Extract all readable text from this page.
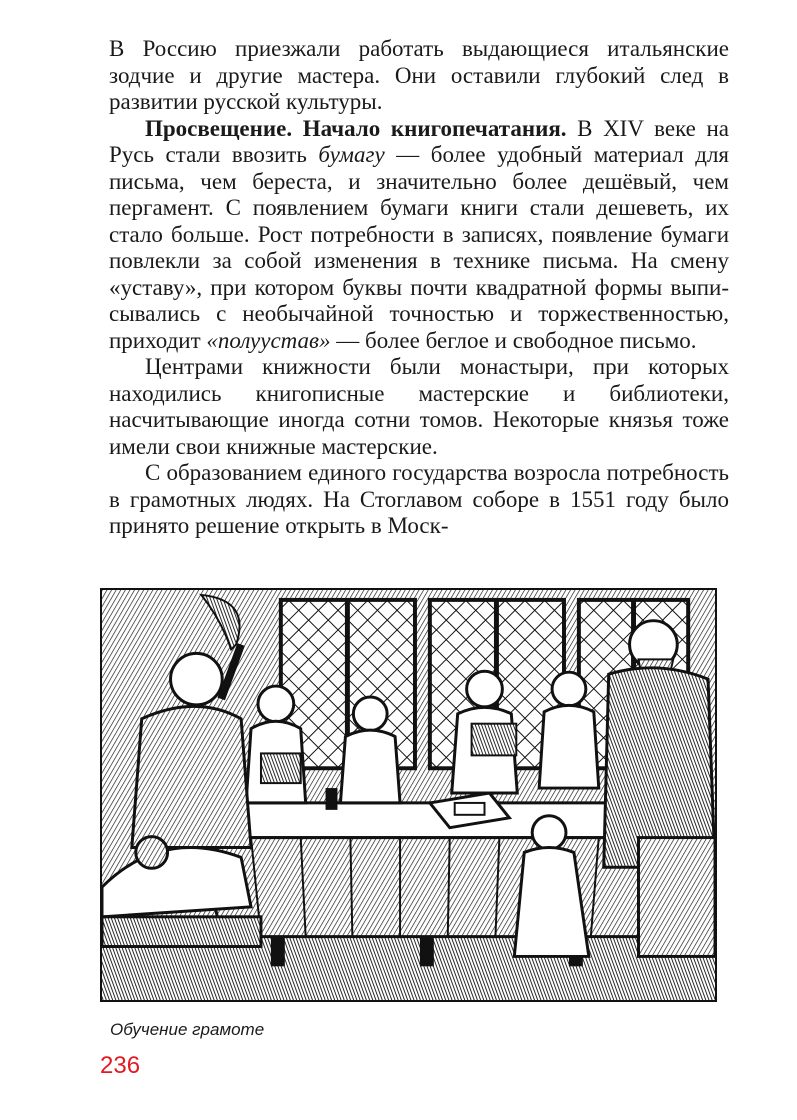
В Россию приезжали работать выдающиеся итальянские зодчие и другие мастера. Они оставили глубокий след в развитии русской культуры.

Просвещение. Начало книгопечатания. В XIV веке на Русь стали ввозить бумагу — более удобный материал для письма, чем береста, и значительно более дешёвый, чем пергамент. С появлением бумаги книги стали дешеветь, их стало больше. Рост потребности в записях, появление бумаги повлекли за собой изменения в технике письма. На смену «уставу», при котором буквы почти квадратной формы выписывались с необычайной точностью и торжественностью, приходит «полуустав» — более беглое и свободное письмо.

Центрами книжности были монастыри, при которых находились книгописные мастерские и библиотеки, насчитывающие иногда сотни томов. Некоторые князья тоже имели свои книжные мастерские.

С образованием единого государства возросла потребность в грамотных людях. На Стоглавом соборе в 1551 году было принято решение открыть в Моск-

Обучение грамоте
236
